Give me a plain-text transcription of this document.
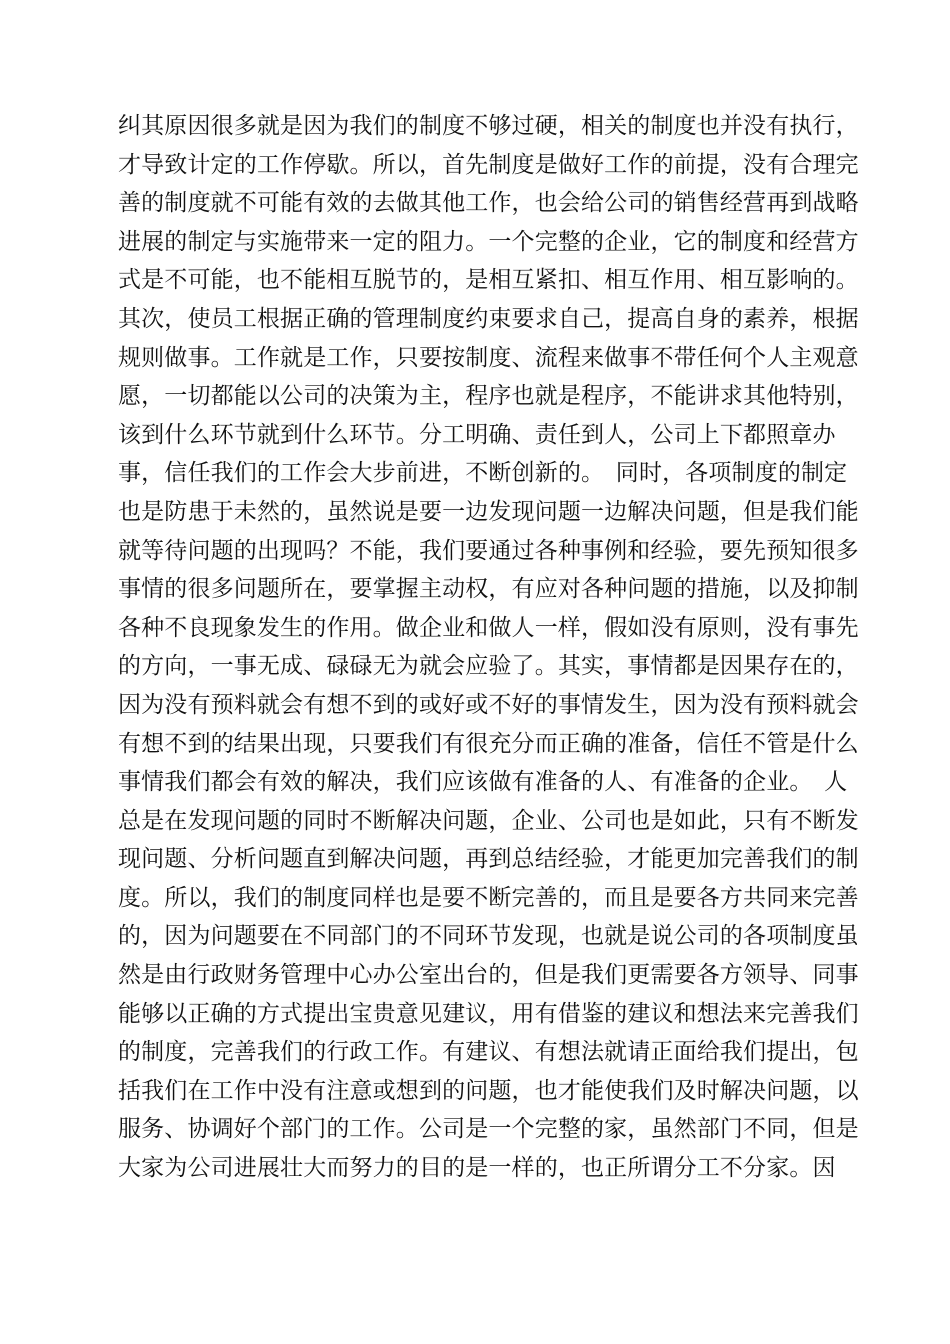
纠其原因很多就是因为我们的制度不够过硬，相关的制度也并没有执行，
才导致计定的工作停歇。所以，首先制度是做好工作的前提，没有合理完
善的制度就不可能有效的去做其他工作，也会给公司的销售经营再到战略
进展的制定与实施带来一定的阻力。一个完整的企业，它的制度和经营方
式是不可能，也不能相互脱节的，是相互紧扣、相互作用、相互影响的。
其次，使员工根据正确的管理制度约束要求自己，提高自身的素养，根据
规则做事。工作就是工作，只要按制度、流程来做事不带任何个人主观意
愿，一切都能以公司的决策为主，程序也就是程序，不能讲求其他特别，
该到什么环节就到什么环节。分工明确、责任到人，公司上下都照章办
事，信任我们的工作会大步前进，不断创新的。　同时，各项制度的制定
也是防患于未然的，虽然说是要一边发现问题一边解决问题，但是我们能
就等待问题的出现吗？不能，我们要通过各种事例和经验，要先预知很多
事情的很多问题所在，要掌握主动权，有应对各种问题的措施，以及抑制
各种不良现象发生的作用。做企业和做人一样，假如没有原则，没有事先
的方向，一事无成、碌碌无为就会应验了。其实，事情都是因果存在的，
因为没有预料就会有想不到的或好或不好的事情发生，因为没有预料就会
有想不到的结果出现，只要我们有很充分而正确的准备，信任不管是什么
事情我们都会有效的解决，我们应该做有准备的人、有准备的企业。　人
总是在发现问题的同时不断解决问题，企业、公司也是如此，只有不断发
现问题、分析问题直到解决问题，再到总结经验，才能更加完善我们的制
度。所以，我们的制度同样也是要不断完善的，而且是要各方共同来完善
的，因为问题要在不同部门的不同环节发现，也就是说公司的各项制度虽
然是由行政财务管理中心办公室出台的，但是我们更需要各方领导、同事
能够以正确的方式提出宝贵意见建议，用有借鉴的建议和想法来完善我们
的制度，完善我们的行政工作。有建议、有想法就请正面给我们提出，包
括我们在工作中没有注意或想到的问题，也才能使我们及时解决问题，以
服务、协调好个部门的工作。公司是一个完整的家，虽然部门不同，但是
大家为公司进展壮大而努力的目的是一样的，也正所谓分工不分家。因
